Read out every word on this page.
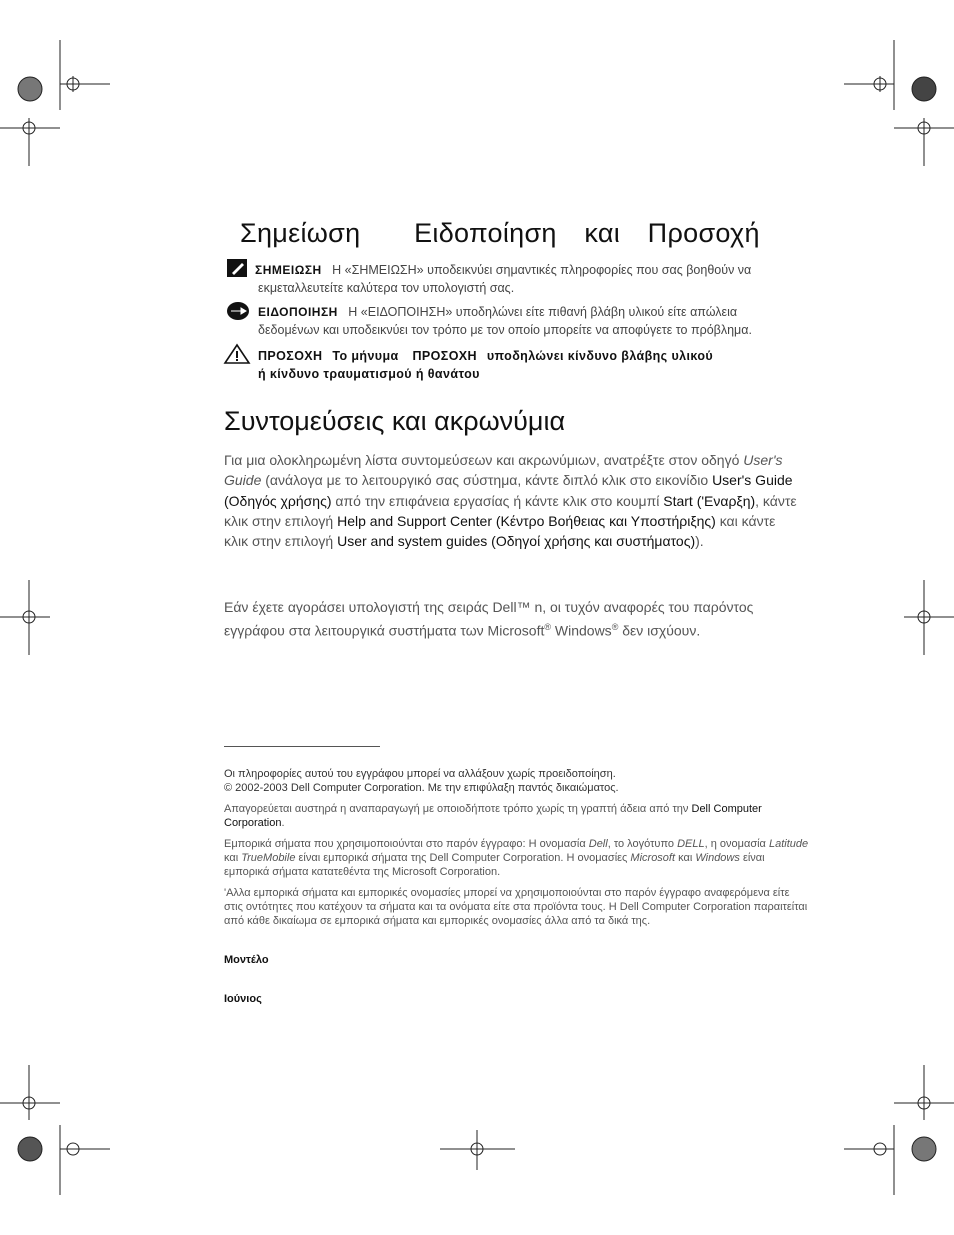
Σημείωση Ειδοποίηση και Προσοχή
ΣΗΜΕΙΩΣΗ Η «ΣΗΜΕΙΩΣΗ» υποδεικνύει σημαντικές πληροφορίες που σας βοηθούν να
εκμεταλλευτείτε καλύτερα τον υπολογιστή σας.
ΕΙΔΟΠΟΙΗΣΗ Η «ΕΙΔΟΠΟΙΗΣΗ» υποδηλώνει είτε πιθανή βλάβη υλικού είτε απώλεια
δεδομένων και υποδεικνύει τον τρόπο με τον οποίο μπορείτε να αποφύγετε το πρόβλημα.
ΠΡΟΣΟΧΗ Το μήνυμα ΠΡΟΣΟΧΗ υποδηλώνει κίνδυνο βλάβης υλικού
ή κίνδυνο τραυματισμού ή θανάτου
Συντομεύσεις και ακρωνύμια
Για μια ολοκληρωμένη λίστα συντομεύσεων και ακρωνύμιων, ανατρέξτε στον οδηγό User's
Guide (ανάλογα με το λειτουργικό σας σύστημα, κάντε διπλό κλικ στο εικονίδιο User's Guide
(Οδηγός χρήσης) από την επιφάνεια εργασίας ή κάντε κλικ στο κουμπί Start ('Εναρξη), κάντε
κλικ στην επιλογή Help and Support Center (Κέντρο Βοήθειας και Υποστήριξης) και κάντε
κλικ στην επιλογή User and system guides (Οδηγοί χρήσης και συστήματος)).
Εάν έχετε αγοράσει υπολογιστή της σειράς Dell™ n, οι τυχόν αναφορές του παρόντος
εγγράφου στα λειτουργικά συστήματα των Microsoft® Windows® δεν ισχύουν.
Οι πληροφορίες αυτού του εγγράφου μπορεί να αλλάξουν χωρίς προειδοποίηση.
© 2002-2003 Dell Computer Corporation. Με την επιφύλαξη παντός δικαιώματος.
Απαγορεύεται αυστηρά η αναπαραγωγή με οποιοδήποτε τρόπο χωρίς τη γραπτή άδεια από την Dell Computer
Corporation.
Εμπορικά σήματα που χρησιμοποιούνται στο παρόν έγγραφο: Η ονομασία Dell, το λογότυπο DELL, η ονομασία Latitude
και TrueMobile είναι εμπορικά σήματα της Dell Computer Corporation. Η ονομασίες Microsoft και Windows είναι
εμπορικά σήματα κατατεθέντα της Microsoft Corporation.
'Αλλα εμπορικά σήματα και εμπορικές ονομασίες μπορεί να χρησιμοποιούνται στο παρόν έγγραφο αναφερόμενα είτε
στις οντότητες που κατέχουν τα σήματα και τα ονόματα είτε στα προϊόντα τους. Η Dell Computer Corporation παραιτείται
από κάθε δικαίωμα σε εμπορικά σήματα και εμπορικές ονομασίες άλλα από τα δικά της.
Μοντέλο
Ιούνιος
